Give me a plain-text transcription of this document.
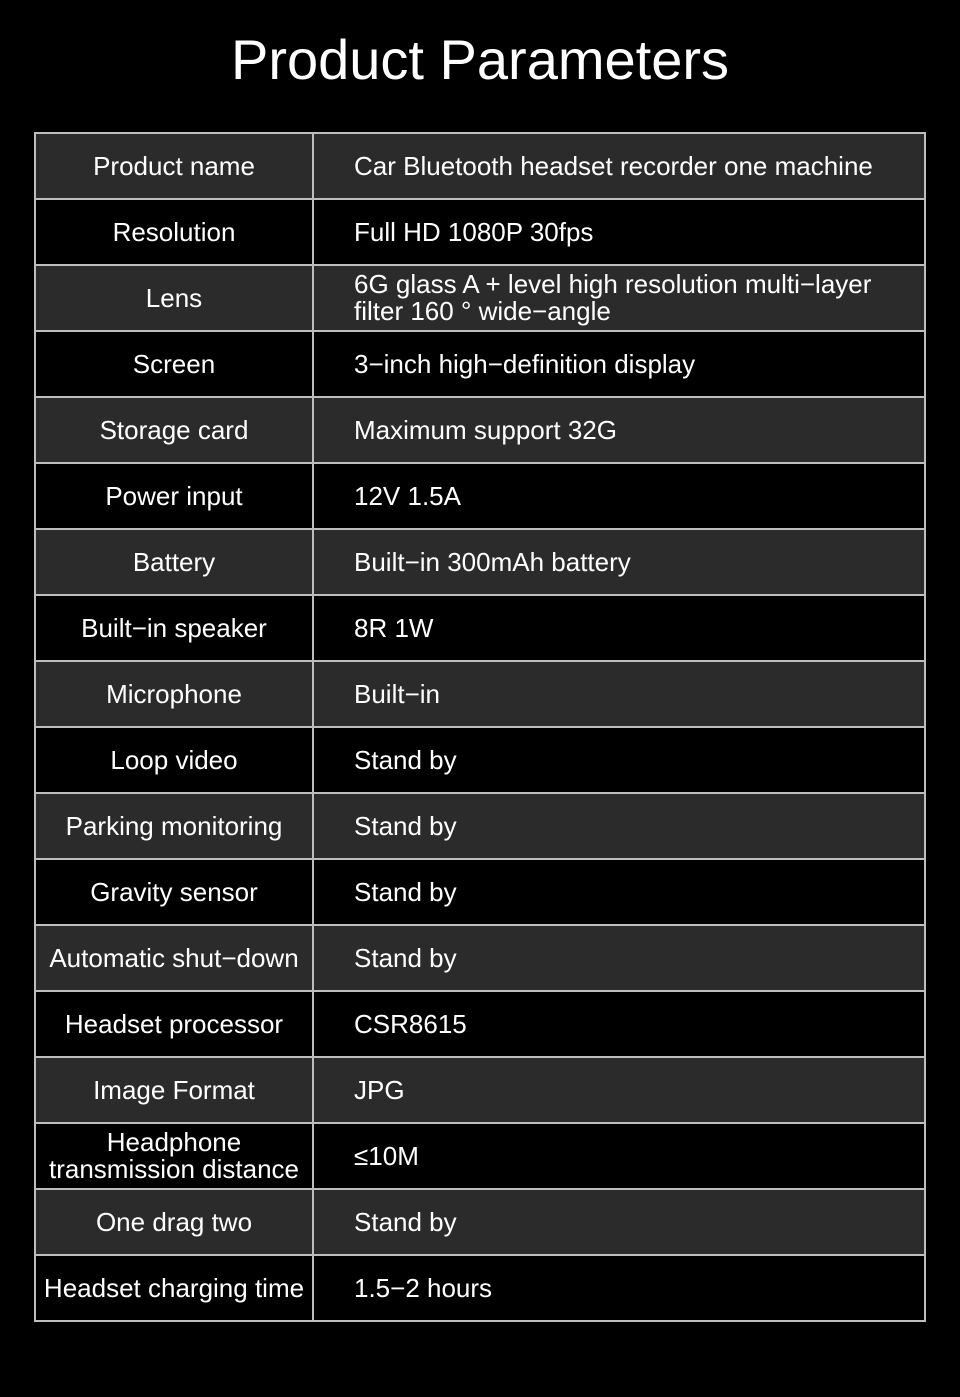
Product Parameters
Product name	Car Bluetooth headset recorder one machine
Resolution	Full HD 1080P 30fps
Lens	6G glass A + level high resolution multi−layer filter 160 ° wide−angle
Screen	3−inch high−definition display
Storage card	Maximum support 32G
Power input	12V 1.5A
Battery	Built−in 300mAh battery
Built−in speaker	8R 1W
Microphone	Built−in
Loop video	Stand by
Parking monitoring	Stand by
Gravity sensor	Stand by
Automatic shut−down	Stand by
Headset processor	CSR8615
Image Format	JPG
Headphone transmission distance	≤10M
One drag two	Stand by
Headset charging time	1.5−2 hours
